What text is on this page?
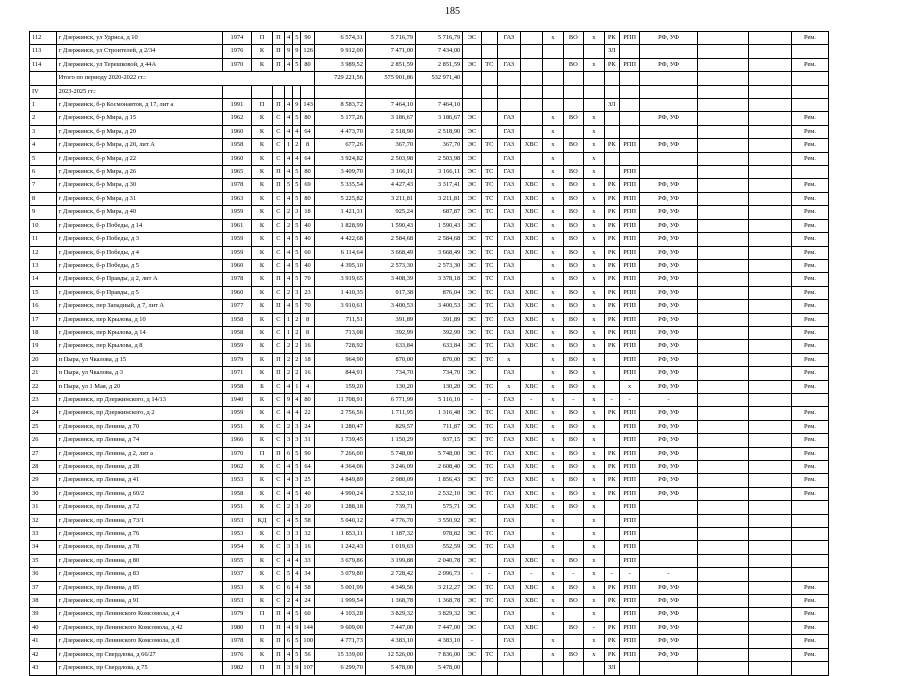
185
112	г Дзержинск, ул Удриса, д 10	1974	П	П	4	5	90	6 574,31	5 716,79	5 716,79	ЭС		ГАЗ		х	ВО	х	РК	РПП	РФ, УФ			Рем.
113	г Дзержинск, ул Строителей, д 2/34	1976	К	П	9	9	126	9 912,00	7 471,00	7 434,00								ЗЛ					
114	г Дзержинск, ул Терешковой, д 44А	1970	К	П	4	5	80	3 989,52	2 851,59	2 851,59	ЭС	ТС	ГАЗ			ВО	х	РК	РПП	РФ, УФ			Рем.
	Итого по периоду 2020-2022 гг.:							729 221,56	575 901,86	532 971,40													
IV	2023-2025 гг.:																						
1	г Дзержинск, б-р Космонавтов, д 17, лит а	1991	П	П	4	9	143	8 583,72	7 464,10	7 464,10								ЗЛ					
2	г Дзержинск, б-р Мира, д 15	1962	К	С	4	5	80	5 177,26	3 186,67	3 186,67	ЭС		ГАЗ		х	ВО	х			РФ, УФ			Рем.
3	г Дзержинск, б-р Мира, д 20	1960	К	С	4	4	64	4 473,70	2 518,90	2 518,90	ЭС		ГАЗ		х		х						Рем.
4	г Дзержинск, б-р Мира, д 20, лит А	1958	К	С	1	2	8	677,26	367,70	367,70	ЭС	ТС	ГАЗ	ХВС	х	ВО	х	РК	РПП	РФ, УФ			Рем.
5	г Дзержинск, б-р Мира, д 22	1960	К	С	4	4	64	3 924,82	2 503,98	2 503,98	ЭС		ГАЗ		х		х						Рем.
6	г Дзержинск, б-р Мира, д 26	1965	К	П	4	5	80	3 409,70	3 166,11	3 166,11	ЭС	ТС	ГАЗ		х	ВО	х		РПП				
7	г Дзержинск, б-р Мира, д 30	1978	К	П	5	5	69	5 335,54	4 427,43	3 317,41	ЭС	ТС	ГАЗ	ХВС	х	ВО	х	РК	РПП	РФ, УФ			Рем.
8	г Дзержинск, б-р Мира, д 31	1963	К	С	4	5	80	5 225,82	3 211,81	3 211,81	ЭС	ТС	ГАЗ	ХВС	х	ВО	х	РК	РПП	РФ, УФ			Рем.
9	г Дзержинск, б-р Мира, д 40	1959	К	С	2	3	18	1 421,31	925,24	687,87	ЭС	ТС	ГАЗ	ХВС	х	ВО	х	РК	РПП	РФ, УФ			Рем.
10	г Дзержинск, б-р Победы, д 14	1961	К	С	2	5	40	1 828,99	1 590,43	1 590,43	ЭС		ГАЗ	ХВС	х	ВО	х	РК	РПП	РФ, УФ			Рем.
11	г Дзержинск, б-р Победы, д 3	1959	К	С	4	5	40	4 422,68	2 584,68	2 584,68	ЭС	ТС	ГАЗ	ХВС	х	ВО	х	РК	РПП	РФ, УФ			Рем.
12	г Дзержинск, б-р Победы, д 4	1959	К	С	4	5	60	6 114,64	3 668,49	3 668,49	ЭС	ТС	ГАЗ	ХВС	х	ВО	х	РК	РПП	РФ, УФ			Рем.
13	г Дзержинск, б-р Победы, д 5	1960	К	С	4	5	40	4 395,10	2 573,30	2 573,30	ЭС	ТС	ГАЗ		х	ВО	х	РК	РПП	РФ, УФ			Рем.
14	г Дзержинск, б-р Правды, д 2, лит А	1978	К	П	4	5	70	3 919,65	3 408,39	3 378,18	ЭС	ТС	ГАЗ		х	ВО	х	РК	РПП	РФ, УФ			Рем.
15	г Дзержинск, б-р Правды, д 5	1960	К	С	2	3	23	1 410,35	917,38	876,04	ЭС	ТС	ГАЗ	ХВС	х	ВО	х	РК	РПП	РФ, УФ			Рем.
16	г Дзержинск, пер Западный, д 7, лит А	1977	К	П	4	5	70	3 910,61	3 400,53	3 400,53	ЭС	ТС	ГАЗ	ХВС	х	ВО	х	РК	РПП	РФ, УФ			Рем.
17	г Дзержинск, пер Крылова, д 10	1958	К	С	1	2	8	711,51	391,89	391,89	ЭС	ТС	ГАЗ	ХВС	х	ВО	х	РК	РПП	РФ, УФ			Рем.
18	г Дзержинск, пер Крылова, д 14	1958	К	С	1	2	8	713,08	392,99	392,99	ЭС	ТС	ГАЗ	ХВС	х	ВО	х	РК	РПП	РФ, УФ			Рем.
19	г Дзержинск, пер Крылова, д 8	1959	К	С	2	2	16	728,92	633,84	633,84	ЭС	ТС	ГАЗ	ХВС	х	ВО	х	РК	РПП	РФ, УФ			Рем.
20	п Пыра, ул Чкалова, д 15	1979	К	П	2	2	18	964,90	870,00	870,00	ЭС	ТС	х		х	ВО	х		РПП	РФ, УФ			Рем.
21	п Пыра, ул Чкалова, д 3	1971	К	П	2	2	16	844,91	734,70	734,70	ЭС		ГАЗ		х	ВО	х		РПП	РФ, УФ			Рем.
22	п Пыра, ул 1 Мая, д 20	1958	Б	С	4	1	4	159,20	130,20	130,20	ЭС	ТС	х	ХВС	х	ВО	х		х	РФ, УФ			Рем.
23	г Дзержинск, пр Дзержинского, д 14/13	1940	К	С	9	4	80	11 708,91	6 771,99	5 116,10	-	-	ГАЗ	-	х	-	х	-	-	-			
24	г Дзержинск, пр Дзержинского, д 2	1959	К	С	4	4	22	2 756,56	1 711,95	1 316,48	ЭС	ТС	ГАЗ	ХВС	х	ВО	х	РК	РПП	РФ, УФ			Рем.
25	г Дзержинск, пр Ленина, д 70	1951	К	С	2	3	24	1 280,47	829,57	711,87	ЭС	ТС	ГАЗ	ХВС	х	ВО	х		РПП	РФ, УФ			Рем.
26	г Дзержинск, пр Ленина, д 74	1966	К	С	3	3	31	1 739,45	1 150,29	937,15	ЭС	ТС	ГАЗ	ХВС	х	ВО	х		РПП	РФ, УФ			Рем.
27	г Дзержинск, пр Ленина, д 2, лит а	1970	П	П	6	5	90	7 266,00	5 748,00	5 748,00	ЭС	ТС	ГАЗ	ХВС	х	ВО	х	РК	РПП	РФ, УФ			Рем.
28	г Дзержинск, пр Ленина, д 28	1962	К	С	4	5	64	4 364,06	3 246,09	2 608,40	ЭС	ТС	ГАЗ	ХВС	х	ВО	х	РК	РПП	РФ, УФ			Рем.
29	г Дзержинск, пр Ленина, д 41	1953	К	С	4	3	25	4 849,89	2 980,09	1 856,43	ЭС	ТС	ГАЗ	ХВС	х	ВО	х	РК	РПП	РФ, УФ			Рем.
30	г Дзержинск, пр Ленина, д 60/2	1958	К	С	4	5	40	4 990,24	2 532,10	2 532,10	ЭС	ТС	ГАЗ	ХВС	х	ВО	х	РК	РПП	РФ, УФ			Рем.
31	г Дзержинск, пр Ленина, д 72	1951	К	С	2	3	20	1 288,18	739,71	575,71	ЭС		ГАЗ	ХВС	х	ВО	х		РПП				
32	г Дзержинск, пр Ленина, д 73/1	1953	КД	С	4	5	58	5 040,12	4 776,70	3 550,92	ЭС		ГАЗ		х		х		РПП				
33	г Дзержинск, пр Ленина, д 76	1953	К	С	3	3	32	1 853,11	1 187,32	978,82	ЭС	ТС	ГАЗ		х		х		РПП				
34	г Дзержинск, пр Ленина, д 78	1954	К	С	3	3	16	1 242,43	1 019,63	552,59	ЭС	ТС	ГАЗ		х		х		РПП				
35	г Дзержинск, пр Ленина, д 80	1955	К	С	4	4	33	3 679,86	3 199,88	2 040,78	ЭС		ГАЗ	ХВС	х	ВО	х		РПП				
36	г Дзержинск, пр Ленина, д 83	1937	К	С	5	4	34	3 079,80	2 728,42	2 096,73	-	-	ГАЗ	-	х	-	х	-	-	-			
37	г Дзержинск, пр Ленина, д 85	1953	К	С	6	4	58	5 001,99	4 349,56	3 212,27	ЭС	ТС	ГАЗ	ХВС	х	ВО	х	РК	РПП	РФ, УФ			Рем.
38	г Дзержинск, пр Ленина, д 91	1953	К	С	2	4	24	1 999,54	1 368,78	1 368,78	ЭС	ТС	ГАЗ	ХВС	х	ВО	х	РК	РПП	РФ, УФ			Рем.
39	г Дзержинск, пр Ленинского Комсомола, д 4	1979	П	П	4	5	60	4 103,28	3 829,32	3 829,32	ЭС		ГАЗ		х		х		РПП	РФ, УФ			Рем.
40	г Дзержинск, пр Ленинского Комсомола, д 42	1980	П	П	4	9	144	9 609,00	7 447,00	7 447,00	ЭС		ГАЗ	ХВС		ВО	-	РК	РПП	РФ, УФ			Рем.
41	г Дзержинск, пр Ленинского Комсомола, д 8	1978	К	П	6	5	100	4 771,73	4 383,10	4 383,10	-		ГАЗ		х		х	РК	РПП	РФ, УФ			Рем.
42	г Дзержинск, пр Свердлова, д 66/27	1976	К	П	4	5	56	15 339,00	12 526,00	7 836,00	ЭС	ТС	ГАЗ		х	ВО	х	РК	РПП	РФ, УФ			Рем.
43	г Дзержинск, пр Свердлова, д 75	1982	П	П	3	9	107	6 299,70	5 478,00	5 478,00								ЗЛ					
